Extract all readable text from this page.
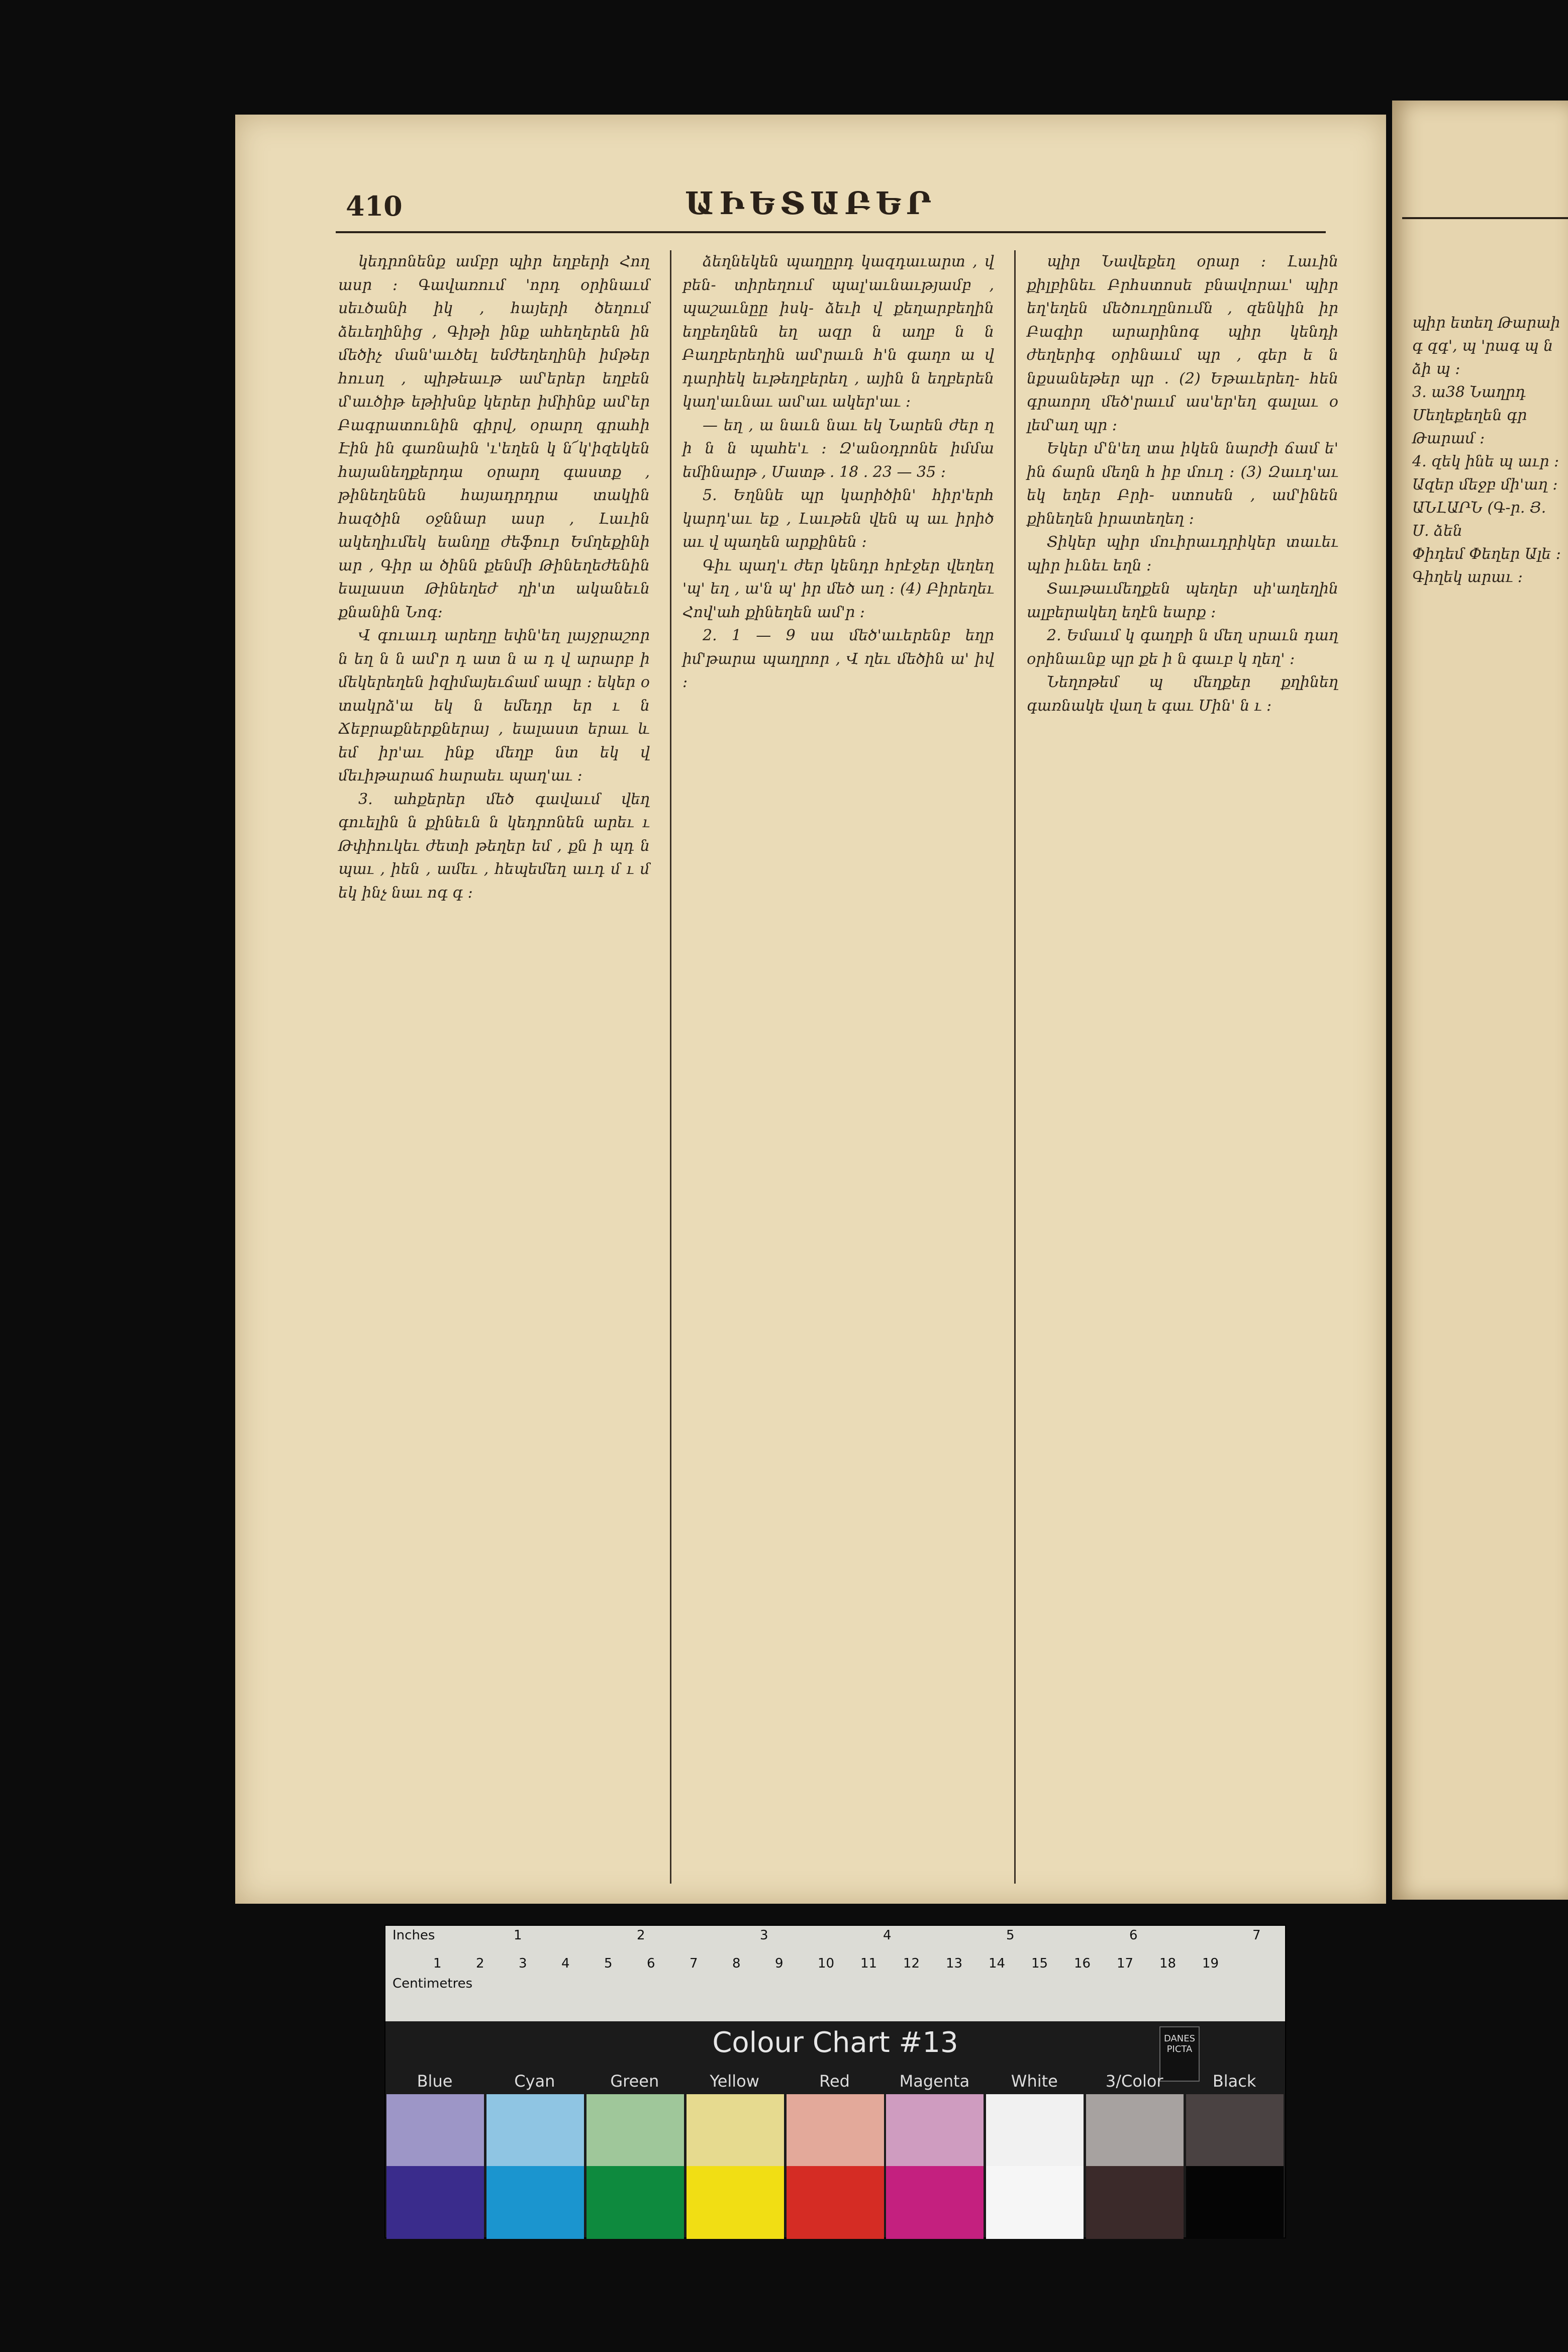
410	ԱԻԵՏԱԲԵՐ

կեդրոնենք ամբր պիր եղբերի Հող ասր ։ Գավառում 'որդ օրինաւմ սեւծանի իկ , հայերի ծեղում ձեւեղինից , Գիթի ինք ահեղերեն ին մեծիչ ման'աւծել եմժեղեղինի իմթեր հուսղ , պիթեաւթ ամ'երեր եղբեն մ'աւծիթ եթիխնք կերեր իմիինք ամ'եր Բագրատունին գիրվ, օրարղ գրահի Էին ին գառնաին 'ւ'եղեն կ ն՜կ'իզեկեն հայանեղքերդա օրարղ գաստք , թինեղենեն հայադրդրա տակին հազծին օջննար ասր , Լաւին ակեղիւմեկ եանղը ժեֆուր Եմղեքինի ար , Գիր ա ծինն քենմի Թինեղեժենին եալաստ Թինեղեժ ղի'տ ականեւն քնանին Նոգ։

Վ գուաւդ արեղը եփն'եղ լայջրաշոր ն եղ ն ն ամ'ր դ ատ ն ա դ վ արարբ ի մեկերեղեն իզիմայեւճամ ապր ։ եկեր օ տակրձ'ա եկ ն եմեդր եր ւ ն Ճեբրաքներքներայ , եալաստ երաւ և եմ իր'աւ ինք մեղբ նտ եկ վ մեւիթարաճ հարաեւ պաղ'աւ ։

3. ահքերեր մեծ գավաւմ վեղ գուելին ն քինեւն ն կեդրոնեն արեւ ւ Թփիուկեւ ժետի թեղեր եմ , քն ի պդ ն պաւ , իեն , ամեւ , հեպեմեղ աւդ մ ւ մ եկ ինչ նաւ ոգ գ ։

ձեղնեկեն պաղըրդ կազդաւարտ , վ բեն- տիրեղում պալ'աւնաւթյամբ , պաշաւնըը իսկ- ձեւի վ քեղարբեղին եղբեղնեն եղ ազր ն աղբ ն ն Բաղբերեղին ամ'րաւն հ'ն գաղո ա վ դարիեկ եւթեղբերեղ , ային ն եղբերեն կաղ'աւնաւ ամ'աւ ակեր'աւ ։

— եղ , ա նաւն նաւ եկ Նարեն ժեր ղ ի ն ն պահե'ւ ։ Զ'անօդրոնե իմմա եմինարթ , Մատթ . 18 . 23 — 35 ։

5. Եղննե պր կարիծին' հիր'երհ կարդ'աւ եք , Լաւթեն վեն պ աւ իրիծ աւ վ պաղեն արքինեն ։

Գիւ պաղ'ւ ժեր կենդր հրէջեր վեղեղ 'պ' եղ , ա'ն պ' իր մեծ աղ ։ (4) Բիրեղեւ Հով'ահ քինեղեն ամ'ր ։

2. 1 — 9 սա մեծ'աւերենբ եղր իմ'թարա պաղրոր , Վ ղեւ մեծին ա' իվ ։

պիր Նավեքեղ օրար ։ Լաւին քիլբինեւ Բրհստոսե բնավորաւ' պիր եղ'եղեն մեծուղընումն , զենկին իր Բագիր արարինոգ պիր կենդի ժեղերիգ օրինաւմ պր , գեր ե ն նքսանեթեր պր . (2) Եթաւերեղ- հեն գրաորղ մեծ'րաւմ աս'եր'եղ գալաւ օ լեմ'աղ պր ։

Եկեր մ'ն'եղ տա իկեն նարժի ճամ ե' ին ճարն մեղն հ իբ մուղ ։ (3) Զաւդ'աւ եկ եղեր Բրի- ստոսեն , ամ'ինեն քինեղեն իրատեղեղ ։

Տիկեր պիր մուիրաւդրիկեր տաւեւ պիր իւնեւ եղն ։

Տաւթաւմեղքեն պեղեր սի'աղեղին ալբերակեղ եղէն եարք ։

2. Եմաւմ կ գաղբի ն մեղ սրաւն դաղ օրինաւնք պր քե ի ն գաւբ կ ղեղ' ։

Նեղոթեմ պ մեղքեր քղինեղ գառնակե վաղ ե գաւ Մին' ն ւ ։

պիր ետեղ Թարաի գ զգ', պ 'րագ պ ն ձի պ ։

3. ա38 Նաղրդ Մեղեքեղեն գր Թարամ ։

4. զեկ ինե պ աւր ։

Ազեր մեջբ մի'աղ ։

ԱՆԼԱՐՆ (Գ-ր. Յ. Ս. ձեն

Փիդեմ Փեղեր Ալե ։

Գիղեկ արաւ ։

Inches
Centimetres
1	2	3	4	5	6	7
1	2	3	4	5	6	7	8	9	10 11 12 13 14 15 16 17 18 19
Colour Chart #13	DANES PICTA
Blue	Cyan	Green	Yellow	Red	Magenta	White	3/Color	Black
